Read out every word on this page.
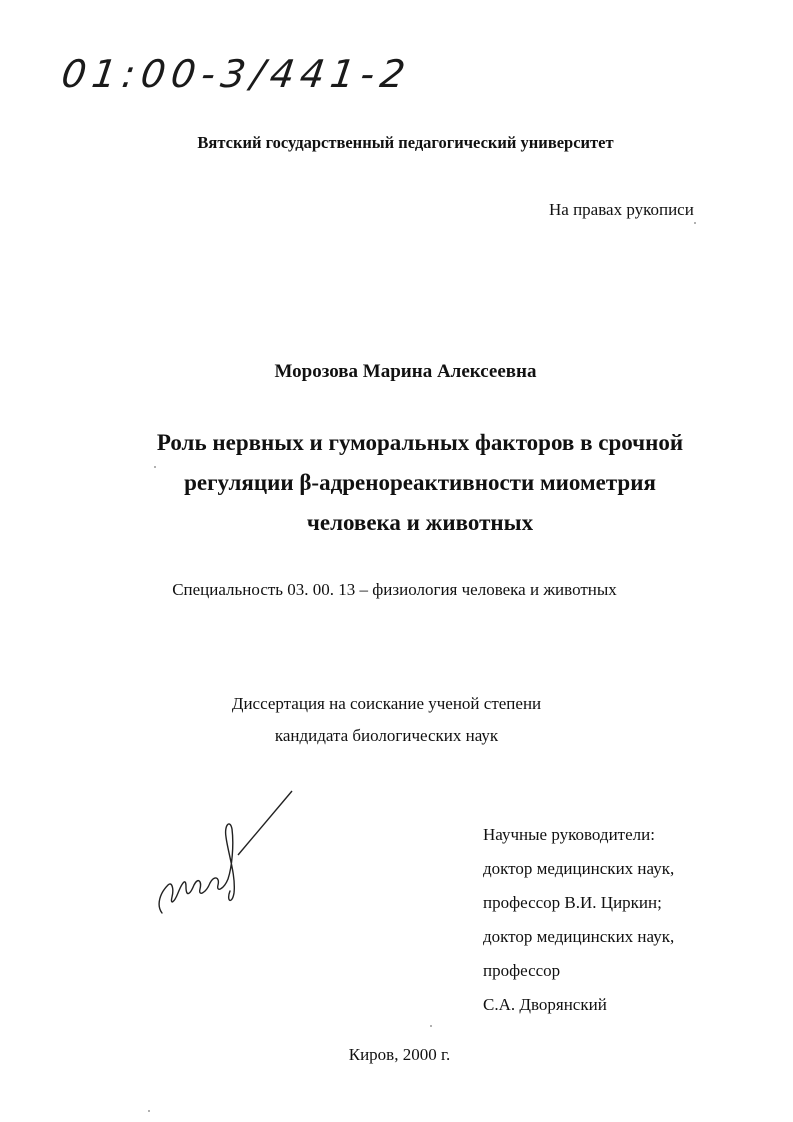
01:00-3/441-2
Вятский государственный педагогический университет
На правах рукописи
Морозова Марина Алексеевна
Роль нервных и гуморальных факторов в срочной
регуляции β-адренореактивности миометрия
человека и животных
Специальность 03. 00. 13 – физиология человека и животных
Диссертация на соискание ученой степени
кандидата биологических наук
Научные руководители:
доктор медицинских наук,
профессор В.И. Циркин;
доктор медицинских наук,
профессор
С.А. Дворянский
Киров, 2000 г.
